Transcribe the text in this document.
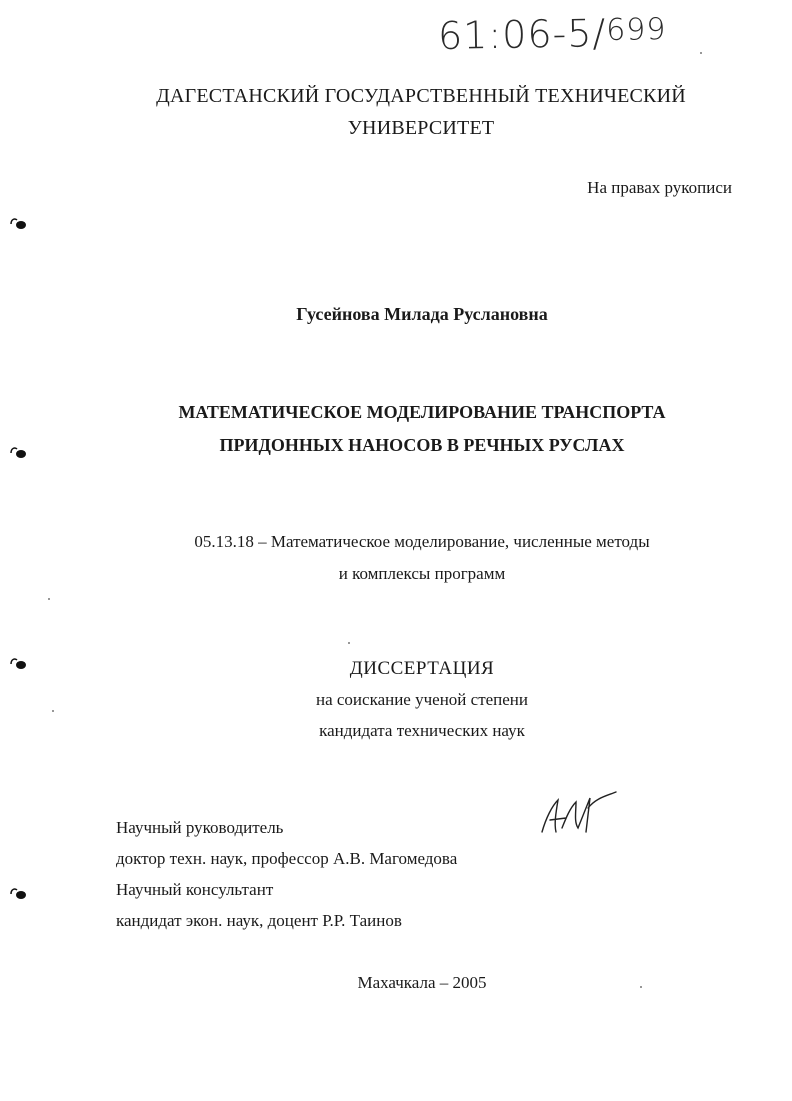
61:06-5/699
ДАГЕСТАНСКИЙ ГОСУДАРСТВЕННЫЙ ТЕХНИЧЕСКИЙ
УНИВЕРСИТЕТ
На правах рукописи
Гусейнова Милада Руслановна
МАТЕМАТИЧЕСКОЕ МОДЕЛИРОВАНИЕ ТРАНСПОРТА
ПРИДОННЫХ НАНОСОВ В РЕЧНЫХ РУСЛАХ
05.13.18 – Математическое моделирование, численные методы
и комплексы программ
ДИССЕРТАЦИЯ
на соискание ученой степени
кандидата технических наук
Научный руководитель
доктор техн. наук, профессор А.В. Магомедова
Научный консультант
кандидат экон. наук, доцент Р.Р. Таинов
Махачкала – 2005
